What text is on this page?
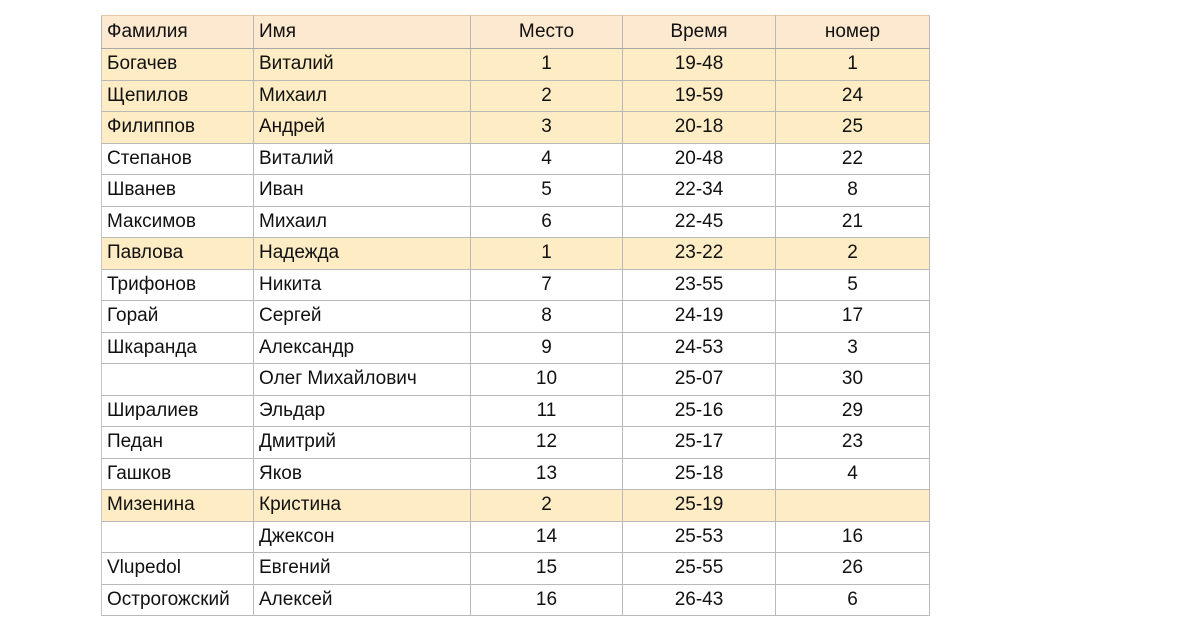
Фамилия	Имя	Место	Время	номер
Богачев	Виталий	1	19-48	1
Щепилов	Михаил	2	19-59	24
Филиппов	Андрей	3	20-18	25
Степанов	Виталий	4	20-48	22
Шванев	Иван	5	22-34	8
Максимов	Михаил	6	22-45	21
Павлова	Надежда	1	23-22	2
Трифонов	Никита	7	23-55	5
Горай	Сергей	8	24-19	17
Шкаранда	Александр	9	24-53	3
	Олег Михайлович	10	25-07	30
Ширалиев	Эльдар	11	25-16	29
Педан	Дмитрий	12	25-17	23
Гашков	Яков	13	25-18	4
Мизенина	Кристина	2	25-19	
	Джексон	14	25-53	16
Vlupedol	Евгений	15	25-55	26
Острогожский	Алексей	16	26-43	6
